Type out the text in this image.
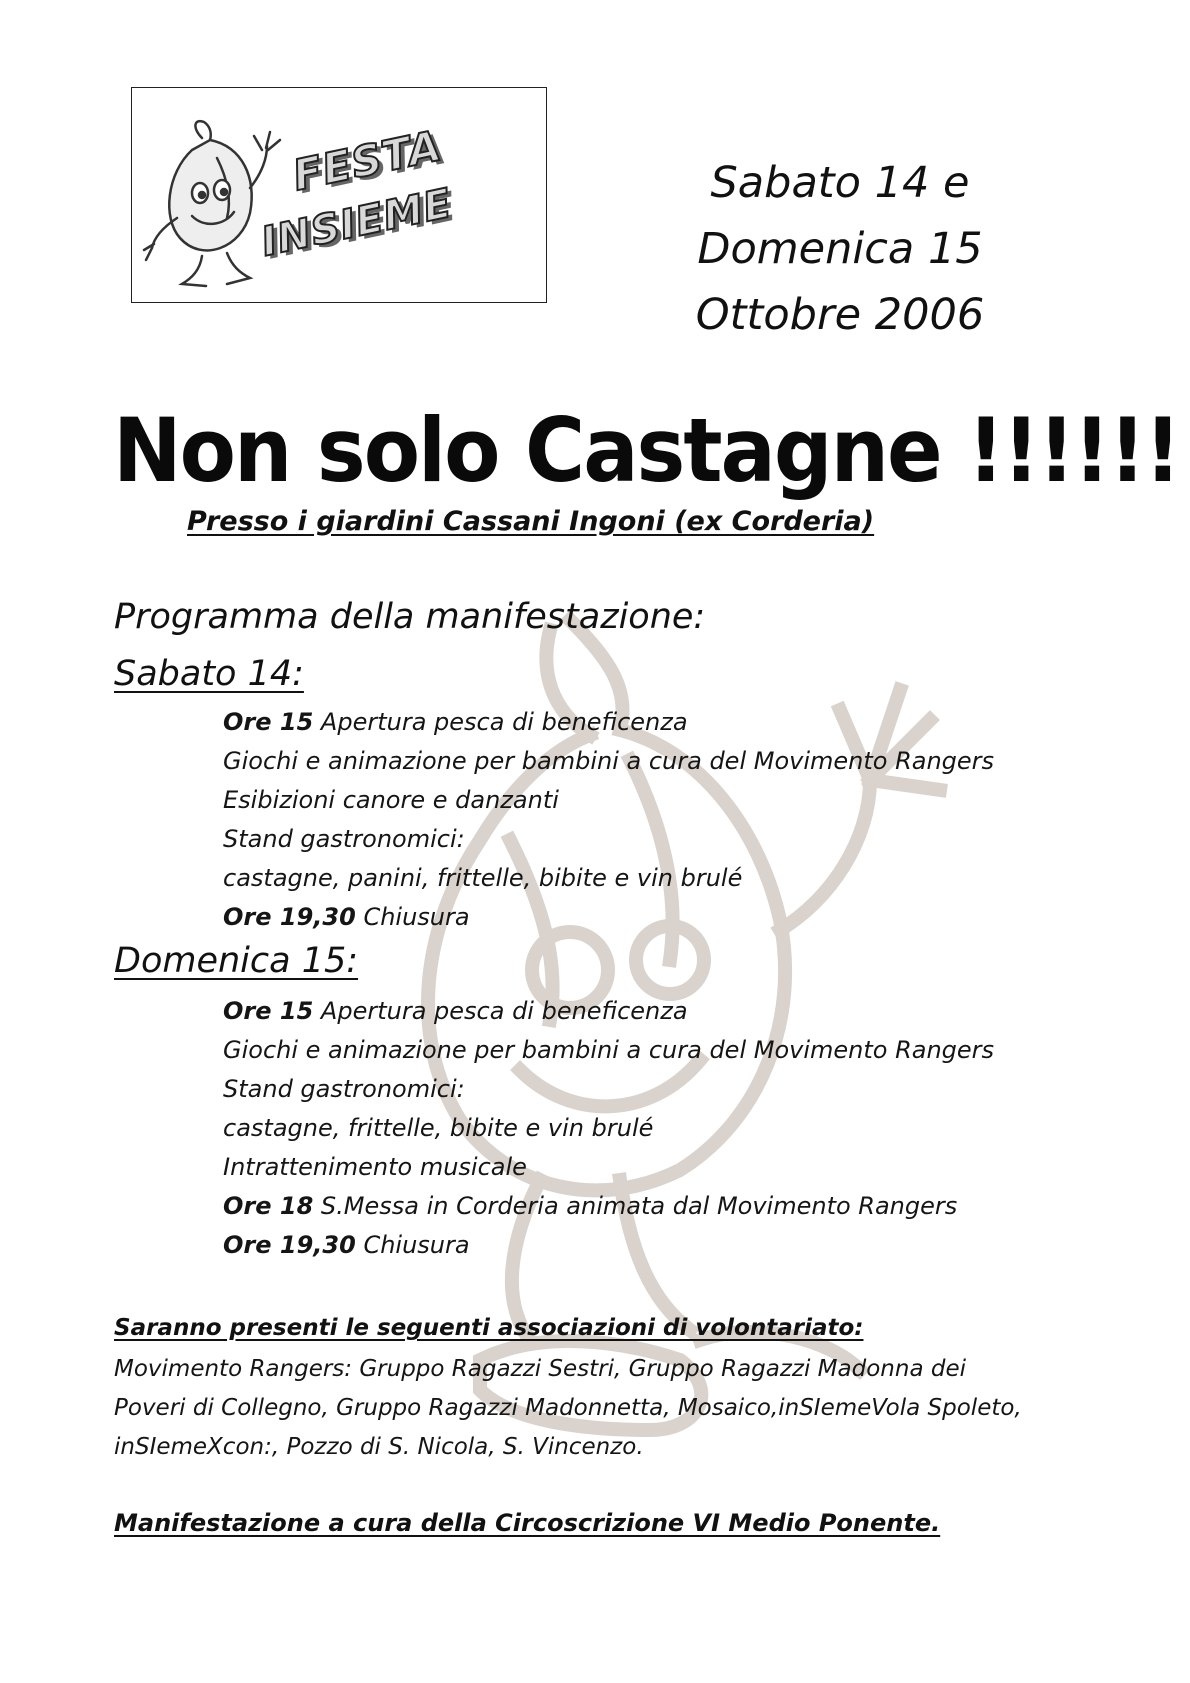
FESTA
INSIEME	Sabato 14 e
Domenica 15
Ottobre 2006
Non solo Castagne !!!!!!
Presso i giardini Cassani Ingoni (ex Corderia)
Programma della manifestazione:
Sabato 14:
Ore 15 Apertura pesca di beneficenza
Giochi e animazione per bambini a cura del Movimento Rangers
Esibizioni canore e danzanti
Stand gastronomici:
castagne, panini, frittelle, bibite e vin brulé
Ore 19,30 Chiusura
Domenica 15:
Ore 15 Apertura pesca di beneficenza
Giochi e animazione per bambini a cura del Movimento Rangers
Stand gastronomici:
castagne, frittelle, bibite e vin brulé
Intrattenimento musicale
Ore 18 S.Messa in Corderia animata dal Movimento Rangers
Ore 19,30 Chiusura
Saranno presenti le seguenti associazioni di volontariato:
Movimento Rangers: Gruppo Ragazzi Sestri, Gruppo Ragazzi Madonna dei
Poveri di Collegno, Gruppo Ragazzi Madonnetta, Mosaico,inSIemeVola Spoleto,
inSIemeXcon:, Pozzo di S. Nicola, S. Vincenzo.
Manifestazione a cura della Circoscrizione VI Medio Ponente.
